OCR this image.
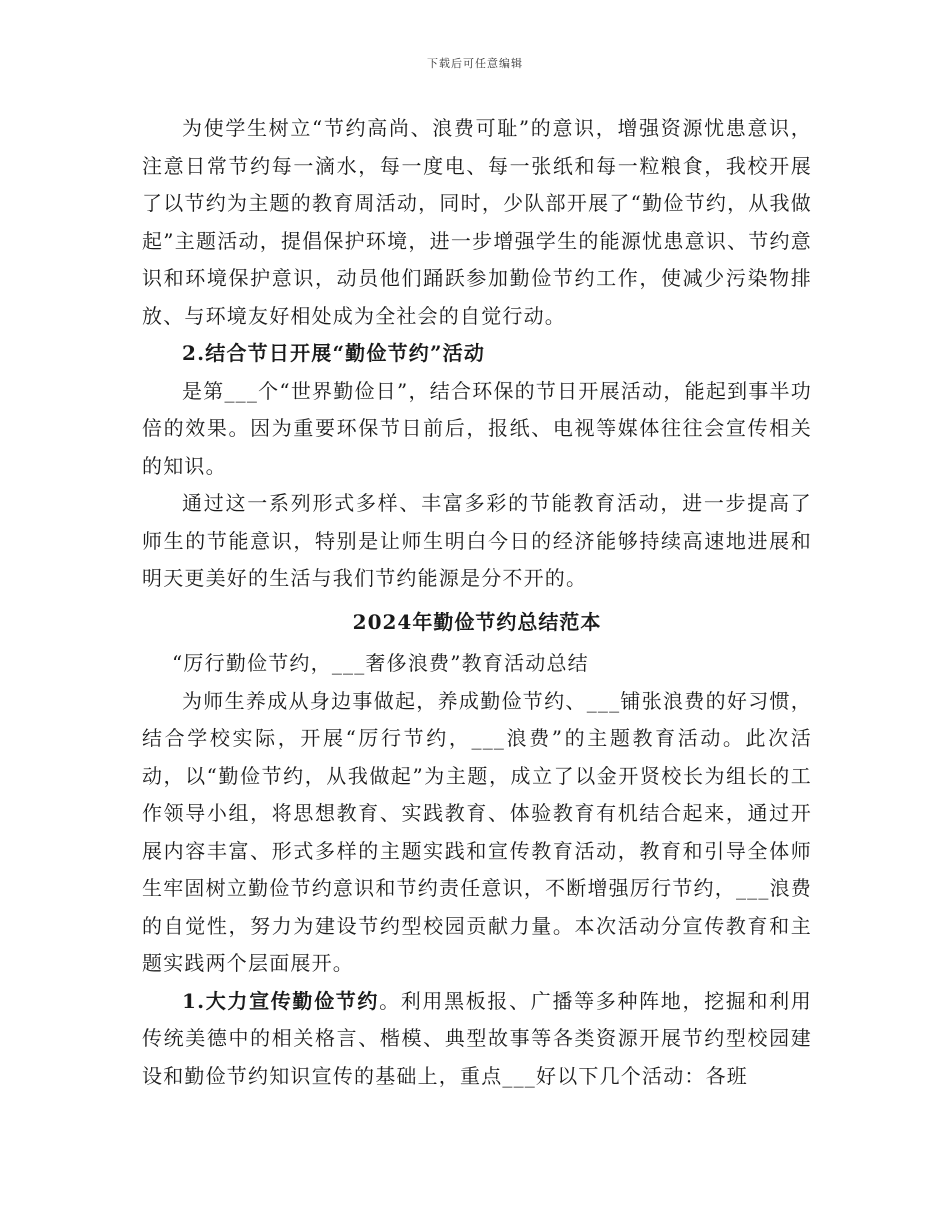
下载后可任意编辑

为使学生树立“节约高尚、浪费可耻”的意识，增强资源忧患意识，注意日常节约每一滴水，每一度电、每一张纸和每一粒粮食，我校开展了以节约为主题的教育周活动，同时，少队部开展了“勤俭节约，从我做起”主题活动，提倡保护环境，进一步增强学生的能源忧患意识、节约意识和环境保护意识，动员他们踊跃参加勤俭节约工作，使减少污染物排放、与环境友好相处成为全社会的自觉行动。

2.结合节日开展“勤俭节约”活动

是第___个“世界勤俭日”，结合环保的节日开展活动，能起到事半功倍的效果。因为重要环保节日前后，报纸、电视等媒体往往会宣传相关的知识。

通过这一系列形式多样、丰富多彩的节能教育活动，进一步提高了师生的节能意识，特别是让师生明白今日的经济能够持续高速地进展和明天更美好的生活与我们节约能源是分不开的。

2024年勤俭节约总结范本

“厉行勤俭节约，___奢侈浪费”教育活动总结

为师生养成从身边事做起，养成勤俭节约、___铺张浪费的好习惯，结合学校实际，开展“厉行节约，___浪费”的主题教育活动。此次活动，以“勤俭节约，从我做起”为主题，成立了以金开贤校长为组长的工作领导小组，将思想教育、实践教育、体验教育有机结合起来，通过开展内容丰富、形式多样的主题实践和宣传教育活动，教育和引导全体师生牢固树立勤俭节约意识和节约责任意识，不断增强厉行节约，___浪费的自觉性，努力为建设节约型校园贡献力量。本次活动分宣传教育和主题实践两个层面展开。

1.大力宣传勤俭节约。利用黑板报、广播等多种阵地，挖掘和利用传统美德中的相关格言、楷模、典型故事等各类资源开展节约型校园建设和勤俭节约知识宣传的基础上，重点___好以下几个活动：各班
